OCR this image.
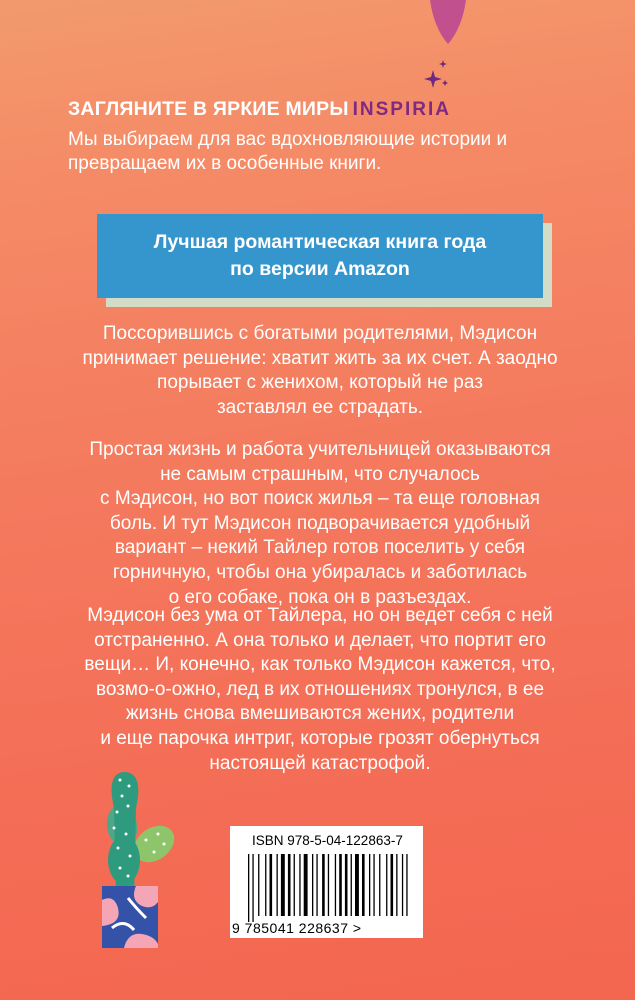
ЗАГЛЯНИТЕ В ЯРКИЕ МИРЫ INSPIRIA

Мы выбираем для вас вдохновляющие истории и превращаем их в особенные книги.

Лучшая романтическая книга года
по версии Amazon
Поссорившись с богатыми родителями, Мэдисон
принимает решение: хватит жить за их счет. А заодно
порывает с женихом, который не раз
заставлял ее страдать.
Простая жизнь и работа учительницей оказываются
не самым страшным, что случалось
с Мэдисон, но вот поиск жилья – та еще головная
боль. И тут Мэдисон подворачивается удобный
вариант – некий Тайлер готов поселить у себя
горничную, чтобы она убиралась и заботилась
о его собаке, пока он в разъездах.
Мэдисон без ума от Тайлера, но он ведет себя с ней
отстраненно. А она только и делает, что портит его
вещи… И, конечно, как только Мэдисон кажется, что,
возмо-о-ожно, лед в их отношениях тронулся, в ее
жизнь снова вмешиваются жених, родители
и еще парочка интриг, которые грозят обернуться
настоящей катастрофой.
ISBN 978-5-04-122863-7
9 785041 228637 >
